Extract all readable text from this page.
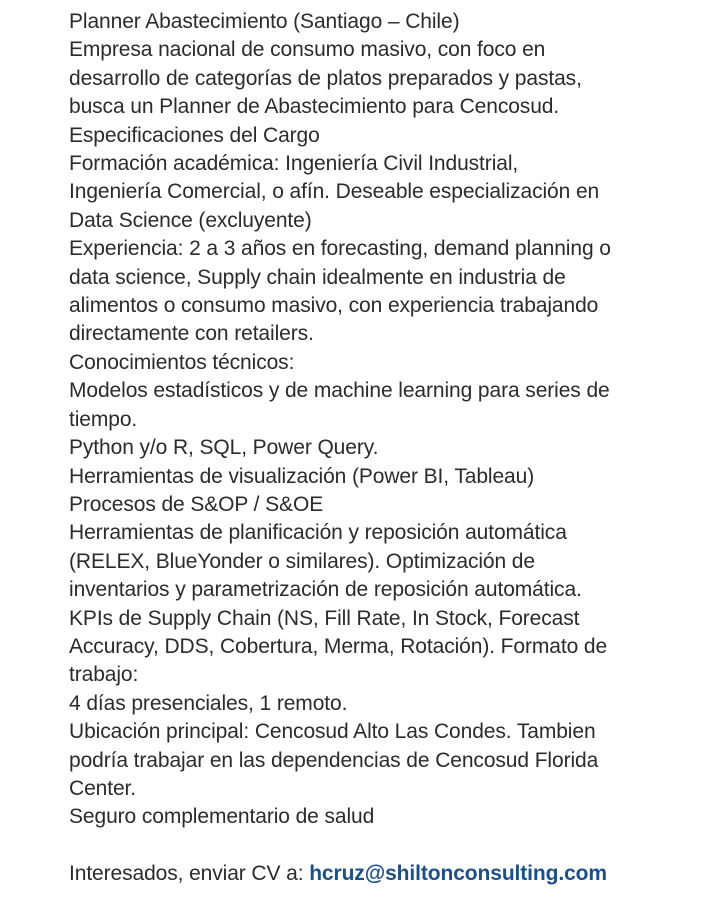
Planner Abastecimiento (Santiago – Chile)
Empresa nacional de consumo masivo, con foco en
desarrollo de categorías de platos preparados y pastas,
busca un Planner de Abastecimiento para Cencosud.
Especificaciones del Cargo
Formación académica: Ingeniería Civil Industrial,
Ingeniería Comercial, o afín. Deseable especialización en
Data Science (excluyente)
Experiencia: 2 a 3 años en forecasting, demand planning o
data science, Supply chain idealmente en industria de
alimentos o consumo masivo, con experiencia trabajando
directamente con retailers.
Conocimientos técnicos:
Modelos estadísticos y de machine learning para series de
tiempo.
Python y/o R, SQL, Power Query.
Herramientas de visualización (Power BI, Tableau)
Procesos de S&OP / S&OE
Herramientas de planificación y reposición automática
(RELEX, BlueYonder o similares). Optimización de
inventarios y parametrización de reposición automática.
KPIs de Supply Chain (NS, Fill Rate, In Stock, Forecast
Accuracy, DDS, Cobertura, Merma, Rotación). Formato de
trabajo:
4 días presenciales, 1 remoto.
Ubicación principal: Cencosud Alto Las Condes. Tambien
podría trabajar en las dependencias de Cencosud Florida
Center.
Seguro complementario de salud
Interesados, enviar CV a: hcruz@shiltonconsulting.com
